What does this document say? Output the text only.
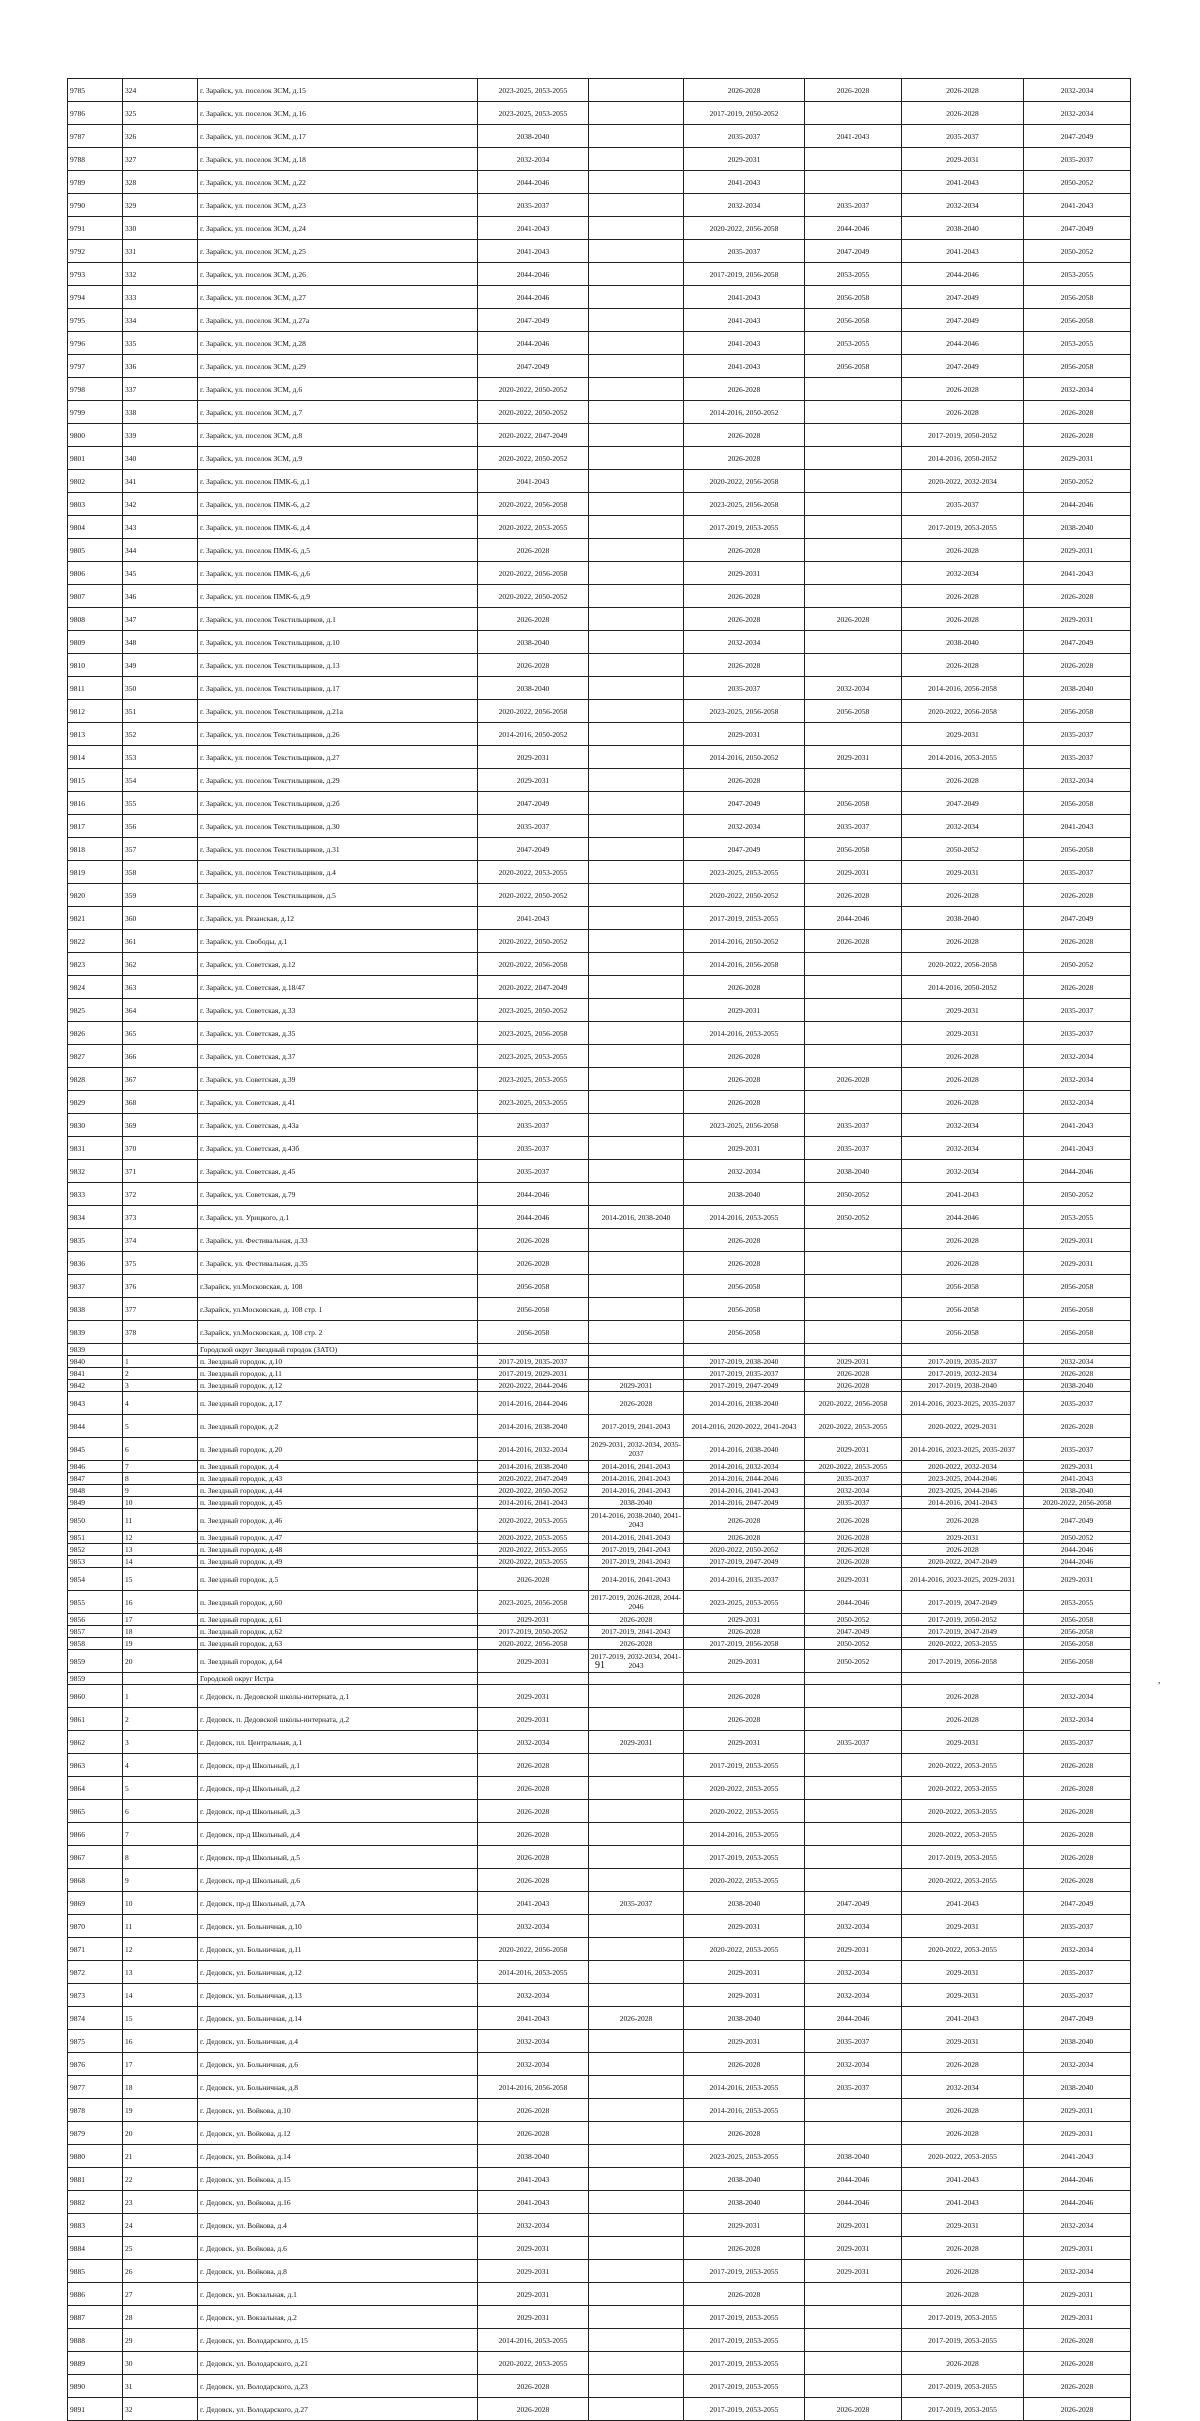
9785	324	г. Зарайск, ул. поселок ЗСМ, д.15	2023-2025, 2053-2055		2026-2028	2026-2028	2026-2028	2032-2034
9786	325	г. Зарайск, ул. поселок ЗСМ, д.16	2023-2025, 2053-2055		2017-2019, 2050-2052		2026-2028	2032-2034
9787	326	г. Зарайск, ул. поселок ЗСМ, д.17	2038-2040		2035-2037	2041-2043	2035-2037	2047-2049
9788	327	г. Зарайск, ул. поселок ЗСМ, д.18	2032-2034		2029-2031		2029-2031	2035-2037
9789	328	г. Зарайск, ул. поселок ЗСМ, д.22	2044-2046		2041-2043		2041-2043	2050-2052
9790	329	г. Зарайск, ул. поселок ЗСМ, д.23	2035-2037		2032-2034	2035-2037	2032-2034	2041-2043
9791	330	г. Зарайск, ул. поселок ЗСМ, д.24	2041-2043		2020-2022, 2056-2058	2044-2046	2038-2040	2047-2049
9792	331	г. Зарайск, ул. поселок ЗСМ, д.25	2041-2043		2035-2037	2047-2049	2041-2043	2050-2052
9793	332	г. Зарайск, ул. поселок ЗСМ, д.26	2044-2046		2017-2019, 2056-2058	2053-2055	2044-2046	2053-2055
9794	333	г. Зарайск, ул. поселок ЗСМ, д.27	2044-2046		2041-2043	2056-2058	2047-2049	2056-2058
9795	334	г. Зарайск, ул. поселок ЗСМ, д.27а	2047-2049		2041-2043	2056-2058	2047-2049	2056-2058
9796	335	г. Зарайск, ул. поселок ЗСМ, д.28	2044-2046		2041-2043	2053-2055	2044-2046	2053-2055
9797	336	г. Зарайск, ул. поселок ЗСМ, д.29	2047-2049		2041-2043	2056-2058	2047-2049	2056-2058
9798	337	г. Зарайск, ул. поселок ЗСМ, д.6	2020-2022, 2050-2052		2026-2028		2026-2028	2032-2034
9799	338	г. Зарайск, ул. поселок ЗСМ, д.7	2020-2022, 2050-2052		2014-2016, 2050-2052		2026-2028	2026-2028
9800	339	г. Зарайск, ул. поселок ЗСМ, д.8	2020-2022, 2047-2049		2026-2028		2017-2019, 2050-2052	2026-2028
9801	340	г. Зарайск, ул. поселок ЗСМ, д.9	2020-2022, 2050-2052		2026-2028		2014-2016, 2050-2052	2029-2031
9802	341	г. Зарайск, ул. поселок ПМК-6, д.1	2041-2043		2020-2022, 2056-2058		2020-2022, 2032-2034	2050-2052
9803	342	г. Зарайск, ул. поселок ПМК-6, д.2	2020-2022, 2056-2058		2023-2025, 2056-2058		2035-2037	2044-2046
9804	343	г. Зарайск, ул. поселок ПМК-6, д.4	2020-2022, 2053-2055		2017-2019, 2053-2055		2017-2019, 2053-2055	2038-2040
9805	344	г. Зарайск, ул. поселок ПМК-6, д.5	2026-2028		2026-2028		2026-2028	2029-2031
9806	345	г. Зарайск, ул. поселок ПМК-6, д.6	2020-2022, 2056-2058		2029-2031		2032-2034	2041-2043
9807	346	г. Зарайск, ул. поселок ПМК-6, д.9	2020-2022, 2050-2052		2026-2028		2026-2028	2026-2028
9808	347	г. Зарайск, ул. поселок Текстильщиков, д.1	2026-2028		2026-2028	2026-2028	2026-2028	2029-2031
9809	348	г. Зарайск, ул. поселок Текстильщиков, д.10	2038-2040		2032-2034		2038-2040	2047-2049
9810	349	г. Зарайск, ул. поселок Текстильщиков, д.13	2026-2028		2026-2028		2026-2028	2026-2028
9811	350	г. Зарайск, ул. поселок Текстильщиков, д.17	2038-2040		2035-2037	2032-2034	2014-2016, 2056-2058	2038-2040
9812	351	г. Зарайск, ул. поселок Текстильщиков, д.21а	2020-2022, 2056-2058		2023-2025, 2056-2058	2056-2058	2020-2022, 2056-2058	2056-2058
9813	352	г. Зарайск, ул. поселок Текстильщиков, д.26	2014-2016, 2050-2052		2029-2031		2029-2031	2035-2037
9814	353	г. Зарайск, ул. поселок Текстильщиков, д.27	2029-2031		2014-2016, 2050-2052	2029-2031	2014-2016, 2053-2055	2035-2037
9815	354	г. Зарайск, ул. поселок Текстильщиков, д.29	2029-2031		2026-2028		2026-2028	2032-2034
9816	355	г. Зарайск, ул. поселок Текстильщиков, д.2б	2047-2049		2047-2049	2056-2058	2047-2049	2056-2058
9817	356	г. Зарайск, ул. поселок Текстильщиков, д.30	2035-2037		2032-2034	2035-2037	2032-2034	2041-2043
9818	357	г. Зарайск, ул. поселок Текстильщиков, д.31	2047-2049		2047-2049	2056-2058	2050-2052	2056-2058
9819	358	г. Зарайск, ул. поселок Текстильщиков, д.4	2020-2022, 2053-2055		2023-2025, 2053-2055	2029-2031	2029-2031	2035-2037
9820	359	г. Зарайск, ул. поселок Текстильщиков, д.5	2020-2022, 2050-2052		2020-2022, 2050-2052	2026-2028	2026-2028	2026-2028
9821	360	г. Зарайск, ул. Рязанская, д.12	2041-2043		2017-2019, 2053-2055	2044-2046	2038-2040	2047-2049
9822	361	г. Зарайск, ул. Свободы, д.1	2020-2022, 2050-2052		2014-2016, 2050-2052	2026-2028	2026-2028	2026-2028
9823	362	г. Зарайск, ул. Советская, д.12	2020-2022, 2056-2058		2014-2016, 2056-2058		2020-2022, 2056-2058	2050-2052
9824	363	г. Зарайск, ул. Советская, д.18/47	2020-2022, 2047-2049		2026-2028		2014-2016, 2050-2052	2026-2028
9825	364	г. Зарайск, ул. Советская, д.33	2023-2025, 2050-2052		2029-2031		2029-2031	2035-2037
9826	365	г. Зарайск, ул. Советская, д.35	2023-2025, 2056-2058		2014-2016, 2053-2055		2029-2031	2035-2037
9827	366	г. Зарайск, ул. Советская, д.37	2023-2025, 2053-2055		2026-2028		2026-2028	2032-2034
9828	367	г. Зарайск, ул. Советская, д.39	2023-2025, 2053-2055		2026-2028	2026-2028	2026-2028	2032-2034
9829	368	г. Зарайск, ул. Советская, д.41	2023-2025, 2053-2055		2026-2028		2026-2028	2032-2034
9830	369	г. Зарайск, ул. Советская, д.43а	2035-2037		2023-2025, 2056-2058	2035-2037	2032-2034	2041-2043
9831	370	г. Зарайск, ул. Советская, д.43б	2035-2037		2029-2031	2035-2037	2032-2034	2041-2043
9832	371	г. Зарайск, ул. Советская, д.45	2035-2037		2032-2034	2038-2040	2032-2034	2044-2046
9833	372	г. Зарайск, ул. Советская, д.79	2044-2046		2038-2040	2050-2052	2041-2043	2050-2052
9834	373	г. Зарайск, ул. Урицкого, д.1	2044-2046	2014-2016, 2038-2040	2014-2016, 2053-2055	2050-2052	2044-2046	2053-2055
9835	374	г. Зарайск, ул. Фестивальная, д.33	2026-2028		2026-2028		2026-2028	2029-2031
9836	375	г. Зарайск, ул. Фестивальная, д.35	2026-2028		2026-2028		2026-2028	2029-2031
9837	376	г.Зарайск, ул.Московская, д. 108	2056-2058		2056-2058		2056-2058	2056-2058
9838	377	г.Зарайск, ул.Московская, д. 108 стр. 1	2056-2058		2056-2058		2056-2058	2056-2058
9839	378	г.Зарайск, ул.Московская, д. 108 стр. 2	2056-2058		2056-2058		2056-2058	2056-2058
9839		Городской округ Звездный городок (ЗАТО)						
9840	1	п. Звездный городок, д.10	2017-2019, 2035-2037		2017-2019, 2038-2040	2029-2031	2017-2019, 2035-2037	2032-2034
9841	2	п. Звездный городок, д.11	2017-2019, 2029-2031		2017-2019, 2035-2037	2026-2028	2017-2019, 2032-2034	2026-2028
9842	3	п. Звездный городок, д.12	2020-2022, 2044-2046	2029-2031	2017-2019, 2047-2049	2026-2028	2017-2019, 2038-2040	2038-2040
9843	4	п. Звездный городок, д.17	2014-2016, 2044-2046	2026-2028	2014-2016, 2038-2040	2020-2022, 2056-2058	2014-2016, 2023-2025, 2035-2037	2035-2037
9844	5	п. Звездный городок, д.2	2014-2016, 2038-2040	2017-2019, 2041-2043	2014-2016, 2020-2022, 2041-2043	2020-2022, 2053-2055	2020-2022, 2029-2031	2026-2028
9845	6	п. Звездный городок, д.20	2014-2016, 2032-2034	2029-2031, 2032-2034, 2035-2037	2014-2016, 2038-2040	2029-2031	2014-2016, 2023-2025, 2035-2037	2035-2037
9846	7	п. Звездный городок, д.4	2014-2016, 2038-2040	2014-2016, 2041-2043	2014-2016, 2032-2034	2020-2022, 2053-2055	2020-2022, 2032-2034	2029-2031
9847	8	п. Звездный городок, д.43	2020-2022, 2047-2049	2014-2016, 2041-2043	2014-2016, 2044-2046	2035-2037	2023-2025, 2044-2046	2041-2043
9848	9	п. Звездный городок, д.44	2020-2022, 2050-2052	2014-2016, 2041-2043	2014-2016, 2041-2043	2032-2034	2023-2025, 2044-2046	2038-2040
9849	10	п. Звездный городок, д.45	2014-2016, 2041-2043	2038-2040	2014-2016, 2047-2049	2035-2037	2014-2016, 2041-2043	2020-2022, 2056-2058
9850	11	п. Звездный городок, д.46	2020-2022, 2053-2055	2014-2016, 2038-2040, 2041-2043	2026-2028	2026-2028	2026-2028	2047-2049
9851	12	п. Звездный городок, д.47	2020-2022, 2053-2055	2014-2016, 2041-2043	2026-2028	2026-2028	2029-2031	2050-2052
9852	13	п. Звездный городок, д.48	2020-2022, 2053-2055	2017-2019, 2041-2043	2020-2022, 2050-2052	2026-2028	2026-2028	2044-2046
9853	14	п. Звездный городок, д.49	2020-2022, 2053-2055	2017-2019, 2041-2043	2017-2019, 2047-2049	2026-2028	2020-2022, 2047-2049	2044-2046
9854	15	п. Звездный городок, д.5	2026-2028	2014-2016, 2041-2043	2014-2016, 2035-2037	2029-2031	2014-2016, 2023-2025, 2029-2031	2029-2031
9855	16	п. Звездный городок, д.60	2023-2025, 2056-2058	2017-2019, 2026-2028, 2044-2046	2023-2025, 2053-2055	2044-2046	2017-2019, 2047-2049	2053-2055
9856	17	п. Звездный городок, д.61	2029-2031	2026-2028	2029-2031	2050-2052	2017-2019, 2050-2052	2056-2058
9857	18	п. Звездный городок, д.62	2017-2019, 2050-2052	2017-2019, 2041-2043	2026-2028	2047-2049	2017-2019, 2047-2049	2056-2058
9858	19	п. Звездный городок, д.63	2020-2022, 2056-2058	2026-2028	2017-2019, 2056-2058	2050-2052	2020-2022, 2053-2055	2056-2058
9859	20	п. Звездный городок, д.64	2029-2031	2017-2019, 2032-2034, 2041-2043	2029-2031	2050-2052	2017-2019, 2056-2058	2056-2058
9859		Городской округ Истра						
9860	1	г. Дедовск, п. Дедовской школы-интерната, д.1	2029-2031		2026-2028		2026-2028	2032-2034
9861	2	г. Дедовск, п. Дедовской школы-интерната, д.2	2029-2031		2026-2028		2026-2028	2032-2034
9862	3	г. Дедовск, пл. Центральная, д.1	2032-2034	2029-2031	2029-2031	2035-2037	2029-2031	2035-2037
9863	4	г. Дедовск, пр-д Школьный, д.1	2026-2028		2017-2019, 2053-2055		2020-2022, 2053-2055	2026-2028
9864	5	г. Дедовск, пр-д Школьный, д.2	2026-2028		2020-2022, 2053-2055		2020-2022, 2053-2055	2026-2028
9865	6	г. Дедовск, пр-д Школьный, д.3	2026-2028		2020-2022, 2053-2055		2020-2022, 2053-2055	2026-2028
9866	7	г. Дедовск, пр-д Школьный, д.4	2026-2028		2014-2016, 2053-2055		2020-2022, 2053-2055	2026-2028
9867	8	г. Дедовск, пр-д Школьный, д.5	2026-2028		2017-2019, 2053-2055		2017-2019, 2053-2055	2026-2028
9868	9	г. Дедовск, пр-д Школьный, д.6	2026-2028		2020-2022, 2053-2055		2020-2022, 2053-2055	2026-2028
9869	10	г. Дедовск, пр-д Школьный, д.7А	2041-2043	2035-2037	2038-2040	2047-2049	2041-2043	2047-2049
9870	11	г. Дедовск, ул. Больничная, д.10	2032-2034		2029-2031	2032-2034	2029-2031	2035-2037
9871	12	г. Дедовск, ул. Больничная, д.11	2020-2022, 2056-2058		2020-2022, 2053-2055	2029-2031	2020-2022, 2053-2055	2032-2034
9872	13	г. Дедовск, ул. Больничная, д.12	2014-2016, 2053-2055		2029-2031	2032-2034	2029-2031	2035-2037
9873	14	г. Дедовск, ул. Больничная, д.13	2032-2034		2029-2031	2032-2034	2029-2031	2035-2037
9874	15	г. Дедовск, ул. Больничная, д.14	2041-2043	2026-2028	2038-2040	2044-2046	2041-2043	2047-2049
9875	16	г. Дедовск, ул. Больничная, д.4	2032-2034		2029-2031	2035-2037	2029-2031	2038-2040
9876	17	г. Дедовск, ул. Больничная, д.6	2032-2034		2026-2028	2032-2034	2026-2028	2032-2034
9877	18	г. Дедовск, ул. Больничная, д.8	2014-2016, 2056-2058		2014-2016, 2053-2055	2035-2037	2032-2034	2038-2040
9878	19	г. Дедовск, ул. Войкова, д.10	2026-2028		2014-2016, 2053-2055		2026-2028	2029-2031
9879	20	г. Дедовск, ул. Войкова, д.12	2026-2028		2026-2028		2026-2028	2029-2031
9880	21	г. Дедовск, ул. Войкова, д.14	2038-2040		2023-2025, 2053-2055	2038-2040	2020-2022, 2053-2055	2041-2043
9881	22	г. Дедовск, ул. Войкова, д.15	2041-2043		2038-2040	2044-2046	2041-2043	2044-2046
9882	23	г. Дедовск, ул. Войкова, д.16	2041-2043		2038-2040	2044-2046	2041-2043	2044-2046
9883	24	г. Дедовск, ул. Войкова, д.4	2032-2034		2029-2031	2029-2031	2029-2031	2032-2034
9884	25	г. Дедовск, ул. Войкова, д.6	2029-2031		2026-2028	2029-2031	2026-2028	2029-2031
9885	26	г. Дедовск, ул. Войкова, д.8	2029-2031		2017-2019, 2053-2055	2029-2031	2026-2028	2032-2034
9886	27	г. Дедовск, ул. Вокзальная, д.1	2029-2031		2026-2028		2026-2028	2029-2031
9887	28	г. Дедовск, ул. Вокзальная, д.2	2029-2031		2017-2019, 2053-2055		2017-2019, 2053-2055	2029-2031
9888	29	г. Дедовск, ул. Володарского, д.15	2014-2016, 2053-2055		2017-2019, 2053-2055		2017-2019, 2053-2055	2026-2028
9889	30	г. Дедовск, ул. Володарского, д.21	2020-2022, 2053-2055		2017-2019, 2053-2055		2026-2028	2026-2028
9890	31	г. Дедовск, ул. Володарского, д.23	2026-2028		2017-2019, 2053-2055		2017-2019, 2053-2055	2026-2028
9891	32	г. Дедовск, ул. Володарского, д.27	2026-2028		2017-2019, 2053-2055	2026-2028	2017-2019, 2053-2055	2026-2028
91
,
